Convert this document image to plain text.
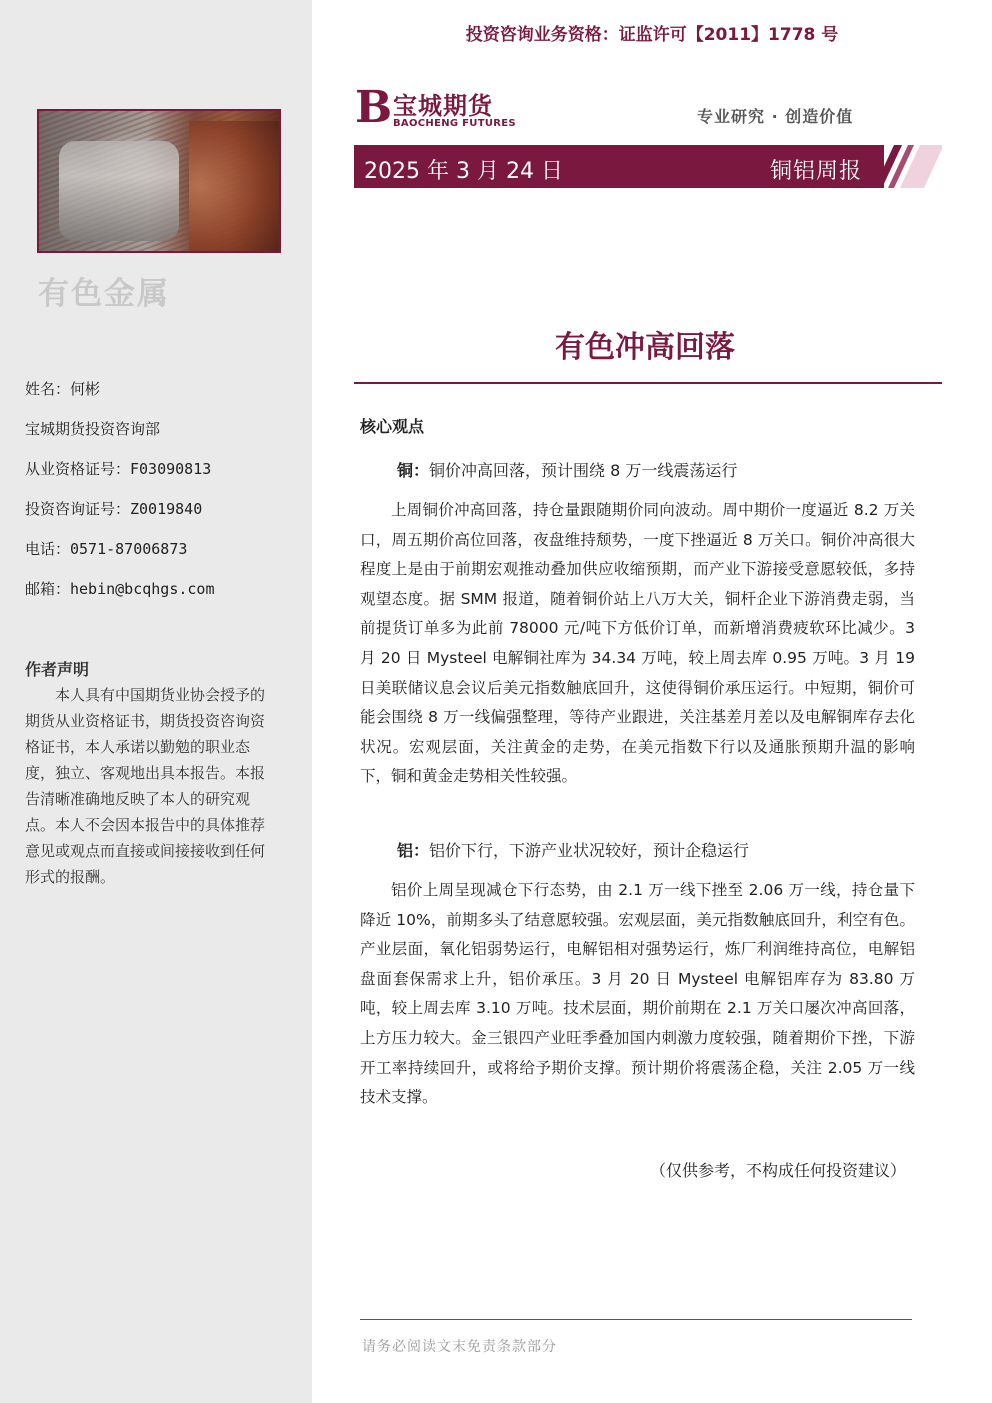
有色金属
姓名：何彬
宝城期货投资咨询部
从业资格证号：F03090813
投资咨询证号：Z0019840
电话：0571-87006873
邮箱：hebin@bcqhgs.com
作者声明
本人具有中国期货业协会授予的期货从业资格证书，期货投资咨询资格证书，本人承诺以勤勉的职业态度，独立、客观地出具本报告。本报告清晰准确地反映了本人的研究观点。本人不会因本报告中的具体推荐意见或观点而直接或间接接收到任何形式的报酬。
投资咨询业务资格：证监许可【2011】1778 号
B 宝城期货
BAOCHENG FUTURES	专业研究 · 创造价值
2025 年 3 月 24 日	铜铝周报
有色冲高回落
核心观点
铜：铜价冲高回落，预计围绕 8 万一线震荡运行
上周铜价冲高回落，持仓量跟随期价同向波动。周中期价一度逼近 8.2 万关口，周五期价高位回落，夜盘维持颓势，一度下挫逼近 8 万关口。铜价冲高很大程度上是由于前期宏观推动叠加供应收缩预期，而产业下游接受意愿较低，多持观望态度。据 SMM 报道，随着铜价站上八万大关，铜杆企业下游消费走弱，当前提货订单多为此前 78000 元/吨下方低价订单，而新增消费疲软环比减少。3 月 20 日 Mysteel 电解铜社库为 34.34 万吨，较上周去库 0.95 万吨。3 月 19 日美联储议息会议后美元指数触底回升，这使得铜价承压运行。中短期，铜价可能会围绕 8 万一线偏强整理，等待产业跟进，关注基差月差以及电解铜库存去化状况。宏观层面，关注黄金的走势，在美元指数下行以及通胀预期升温的影响下，铜和黄金走势相关性较强。
铝：铝价下行，下游产业状况较好，预计企稳运行
铝价上周呈现减仓下行态势，由 2.1 万一线下挫至 2.06 万一线，持仓量下降近 10%，前期多头了结意愿较强。宏观层面，美元指数触底回升，利空有色。产业层面，氧化铝弱势运行，电解铝相对强势运行，炼厂利润维持高位，电解铝盘面套保需求上升，铝价承压。3 月 20 日 Mysteel 电解铝库存为 83.80 万吨，较上周去库 3.10 万吨。技术层面，期价前期在 2.1 万关口屡次冲高回落，上方压力较大。金三银四产业旺季叠加国内刺激力度较强，随着期价下挫，下游开工率持续回升，或将给予期价支撑。预计期价将震荡企稳，关注 2.05 万一线技术支撑。
（仅供参考，不构成任何投资建议）
请务必阅读文末免责条款部分
